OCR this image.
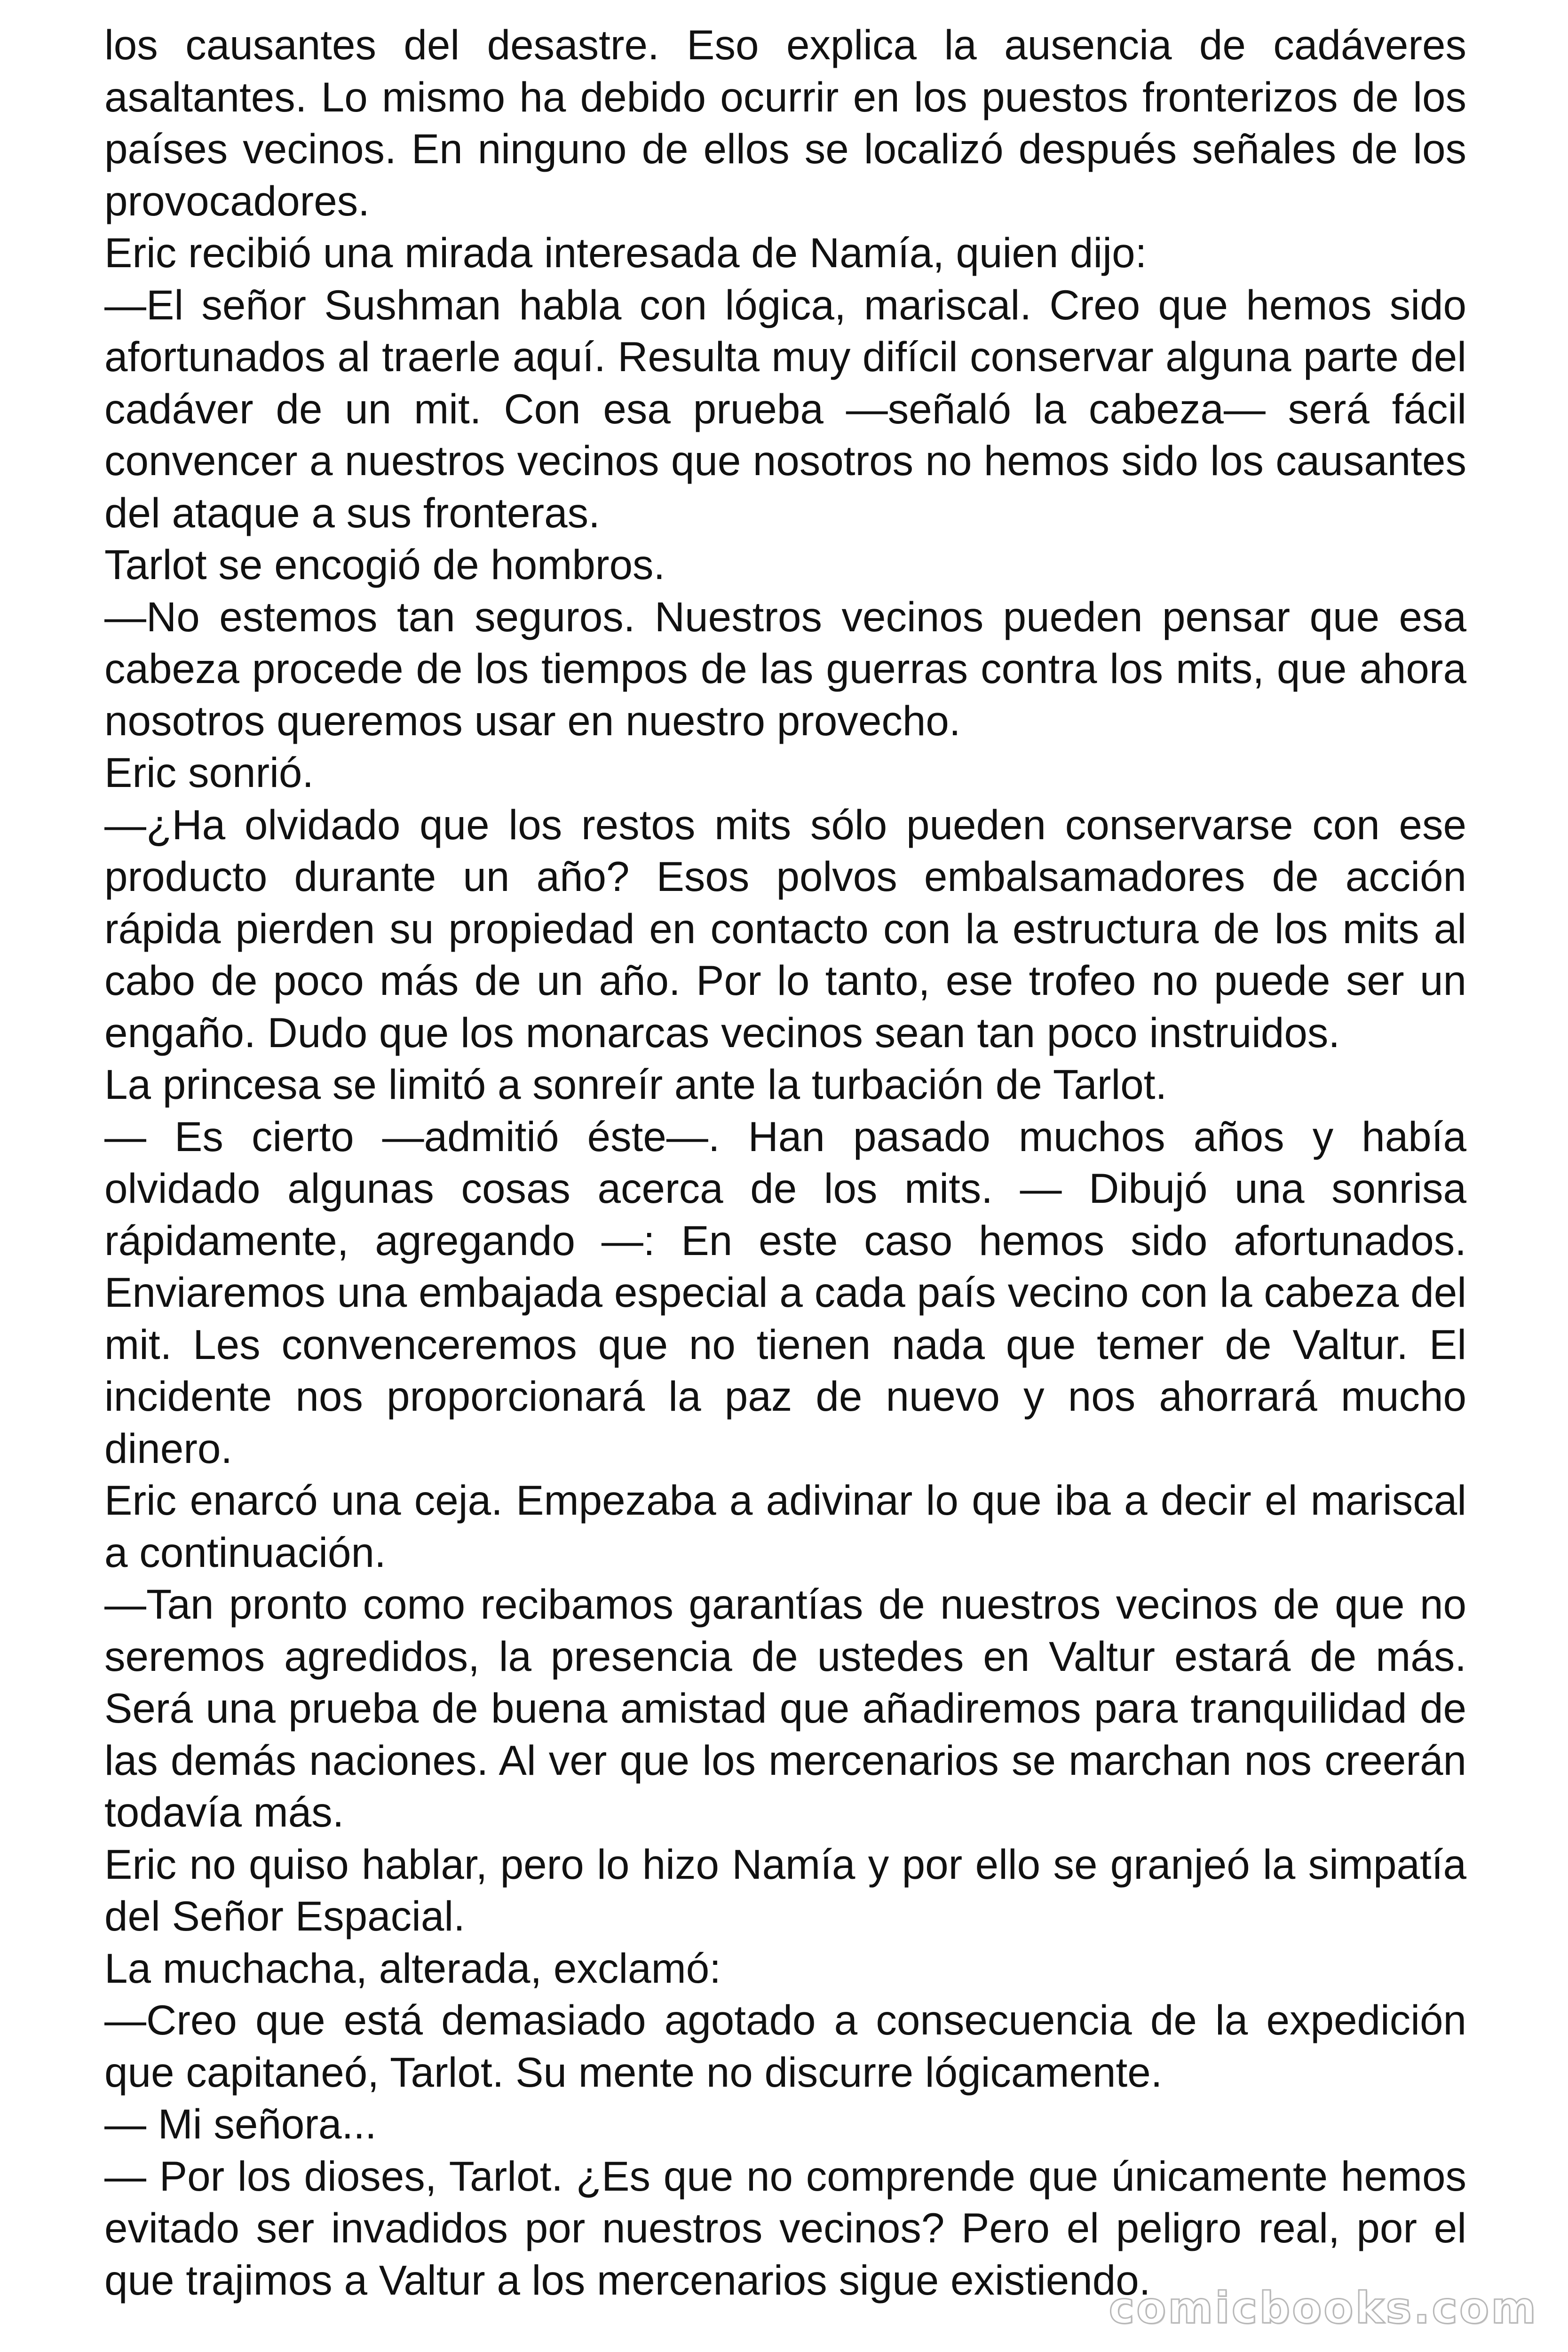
los causantes del desastre. Eso explica la ausencia de cadáveres asaltantes. Lo mismo ha debido ocurrir en los puestos fronterizos de los países vecinos. En ninguno de ellos se localizó después señales de los provocadores.

Eric recibió una mirada interesada de Namía, quien dijo:

—El señor Sushman habla con lógica, mariscal. Creo que hemos sido afortunados al traerle aquí. Resulta muy difícil conservar alguna parte del cadáver de un mit. Con esa prueba —señaló la cabeza— será fácil convencer a nuestros vecinos que nosotros no hemos sido los causantes del ataque a sus fronteras.

Tarlot se encogió de hombros.

—No estemos tan seguros. Nuestros vecinos pueden pensar que esa cabeza procede de los tiempos de las guerras contra los mits, que ahora nosotros queremos usar en nuestro provecho.

Eric sonrió.

—¿Ha olvidado que los restos mits sólo pueden conservarse con ese producto durante un año? Esos polvos embalsamadores de acción rápida pierden su propiedad en contacto con la estructura de los mits al cabo de poco más de un año. Por lo tanto, ese trofeo no puede ser un engaño. Dudo que los monarcas vecinos sean tan poco instruidos.

La princesa se limitó a sonreír ante la turbación de Tarlot.

— Es cierto —admitió éste—. Han pasado muchos años y había olvidado algunas cosas acerca de los mits. — Dibujó una sonrisa rápidamente, agregando —: En este caso hemos sido afortunados. Enviaremos una embajada especial a cada país vecino con la cabeza del mit. Les convenceremos que no tienen nada que temer de Valtur. El incidente nos proporcionará la paz de nuevo y nos ahorrará mucho dinero.

Eric enarcó una ceja. Empezaba a adivinar lo que iba a decir el mariscal a continuación.

—Tan pronto como recibamos garantías de nuestros vecinos de que no seremos agredidos, la presencia de ustedes en Valtur estará de más. Será una prueba de buena amistad que añadiremos para tranquilidad de las demás naciones. Al ver que los mercenarios se marchan nos creerán todavía más.

Eric no quiso hablar, pero lo hizo Namía y por ello se granjeó la simpatía del Señor Espacial.

La muchacha, alterada, exclamó:

—Creo que está demasiado agotado a consecuencia de la expedición que capitaneó, Tarlot. Su mente no discurre lógicamente.

— Mi señora...

— Por los dioses, Tarlot. ¿Es que no comprende que únicamente hemos evitado ser invadidos por nuestros vecinos? Pero el peligro real, por el que trajimos a Valtur a los mercenarios sigue existiendo.

comicbooks.com
